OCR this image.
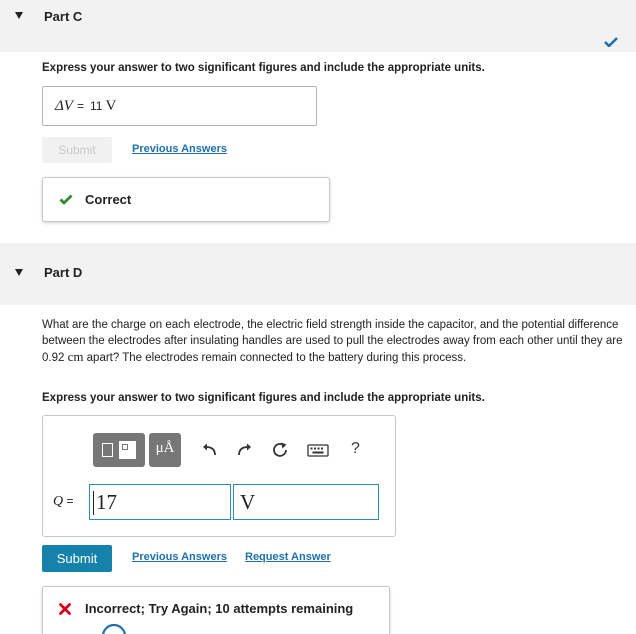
Part C
Express your answer to two significant figures and include the appropriate units.
ΔV = 11 V
Submit	Previous Answers
Correct
Part D
What are the charge on each electrode, the electric field strength inside the capacitor, and the potential difference between the electrodes after insulating handles are used to pull the electrodes away from each other until they are 0.92 cm apart? The electrodes remain connected to the battery during this process.
Express your answer to two significant figures and include the appropriate units.
μÅ	?
Q = 17	V
Submit	Previous Answers Request Answer
Incorrect; Try Again; 10 attempts remaining
